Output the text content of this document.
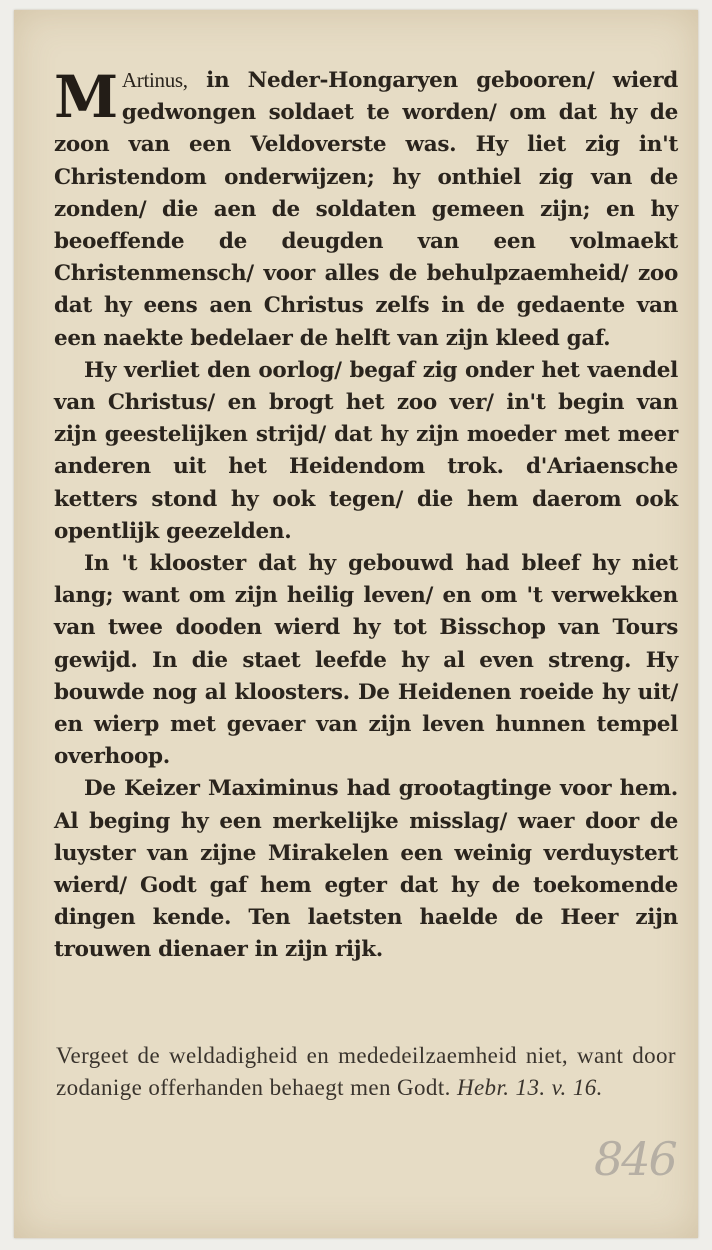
M Artinus, in Neder-Hongaryen gebooren/ wierd gedwongen soldaet te worden/ om dat hy de zoon van een Veldoverste was. Hy liet zig in't Christendom onderwijzen; hy onthiel zig van de zonden/ die aen de soldaten gemeen zijn; en hy beoeffende de deugden van een volmaekt Christenmensch/ voor alles de behulpzaemheid/ zoo dat hy eens aen Christus zelfs in de gedaente van een naekte bedelaer de helft van zijn kleed gaf.

Hy verliet den oorlog/ begaf zig onder het vaendel van Christus/ en brogt het zoo ver/ in't begin van zijn geestelijken strijd/ dat hy zijn moeder met meer anderen uit het Heidendom trok. d'Ariaensche ketters stond hy ook tegen/ die hem daerom ook opentlijk geezelden.

In 't klooster dat hy gebouwd had bleef hy niet lang; want om zijn heilig leven/ en om 't verwekken van twee dooden wierd hy tot Bisschop van Tours gewijd. In die staet leefde hy al even streng. Hy bouwde nog al kloosters. De Heidenen roeide hy uit/ en wierp met gevaer van zijn leven hunnen tempel overhoop.

De Keizer Maximinus had grootagtinge voor hem. Al beging hy een merkelijke misslag/ waer door de luyster van zijne Mirakelen een weinig verduystert wierd/ Godt gaf hem egter dat hy de toekomende dingen kende. Ten laetsten haelde de Heer zijn trouwen dienaer in zijn rijk.

Vergeet de weldadigheid en mededeilzaemheid niet, want door zodanige offerhanden behaegt men Godt. Hebr. 13. v. 16.
846
